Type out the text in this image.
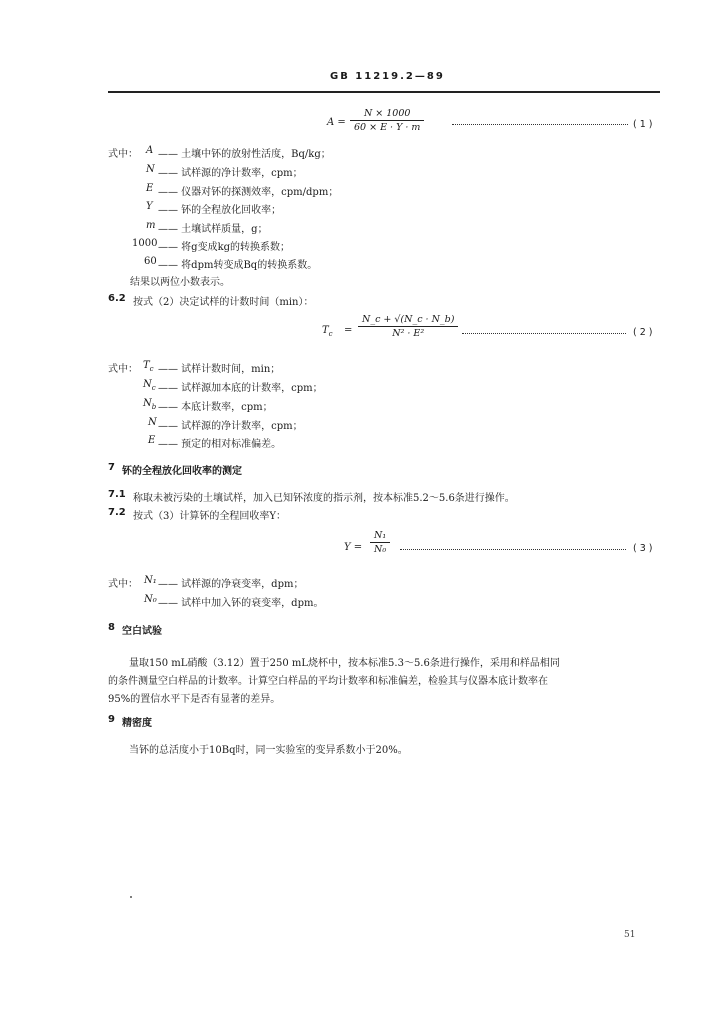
GB 11219.2—89
A =
N × 1000
60 × E · Y · m	( 1 )
式中： A —— 土壤中钚的放射性活度，Bq/kg；
N —— 试样源的净计数率，cpm；
E —— 仪器对钚的探测效率，cpm/dpm；
Y —— 钚的全程放化回收率；
m —— 土壤试样质量，g；
1000 —— 将g变成kg的转换系数；
60 —— 将dpm转变成Bq的转换系数。
结果以两位小数表示。
6.2 按式（2）决定试样的计数时间（min）：
$T_c$ =
N_c + √(N_c · N_b)
N² · E²	( 2 )
式中： $T_c$ —— 试样计数时间，min；
$N_c$ —— 试样源加本底的计数率，cpm；
$N_b$ —— 本底计数率，cpm；
N —— 试样源的净计数率，cpm；
E —— 预定的相对标准偏差。
7 钚的全程放化回收率的测定
7.1 称取未被污染的土壤试样，加入已知钚浓度的指示剂，按本标准5.2～5.6条进行操作。
7.2 按式（3）计算钚的全程回收率Y：
Y =
N₁
N₀	( 3 )
式中： N₁ —— 试样源的净衰变率，dpm；
N₀ —— 试样中加入钚的衰变率，dpm。
8 空白试验
量取150 mL硝酸（3.12）置于250 mL烧杯中，按本标准5.3～5.6条进行操作，采用和样品相同
的条件测量空白样品的计数率。计算空白样品的平均计数率和标准偏差，检验其与仪器本底计数率在
95%的置信水平下是否有显著的差异。
9 精密度
当钚的总活度小于10Bq时，同一实验室的变异系数小于20%。
51
